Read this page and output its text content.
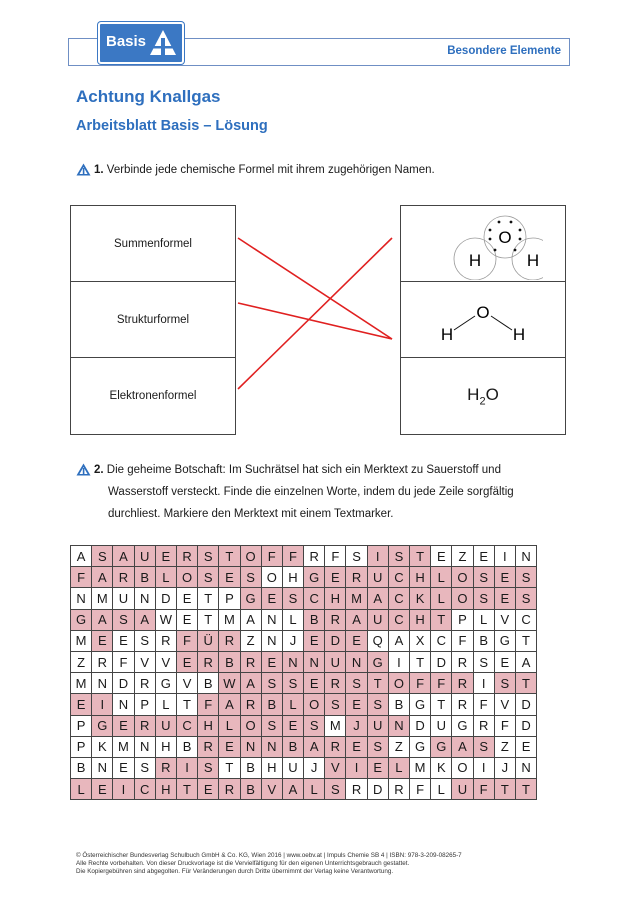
Besondere Elemente
Basis
Achtung Knallgas
Arbeitsblatt Basis – Lösung
1. Verbinde jede chemische Formel mit ihrem zugehörigen Namen.
Summenformel
Strukturformel
Elektronenformel
O
H	H
O
H	H
$H_2O$
2. Die geheime Botschaft: Im Suchrätsel hat sich ein Merktext zu Sauerstoff und
Wasserstoff versteckt. Finde die einzelnen Worte, indem du jede Zeile sorgfältig
durchliest. Markiere den Merktext mit einem Textmarker.
A	S	A	U	E	R	S	T	O	F	F	R	F	S	I	S	T	E	Z	E	I	N
F	A	R	B	L	O	S	E	S	O	H	G	E	R	U	C	H	L	O	S	E	S
N	M	U	N	D	E	T	P	G	E	S	C	H	M	A	C	K	L	O	S	E	S
G	A	S	A	W	E	T	M	A	N	L	B	R	A	U	C	H	T	P	L	V	C
M	E	E	S	R	F	Ü	R	Z	N	J	E	D	E	Q	A	X	C	F	B	G	T
Z	R	F	V	V	E	R	B	R	E	N	N	U	N	G	I	T	D	R	S	E	A
M	N	D	R	G	V	B	W	A	S	S	E	R	S	T	O	F	F	R	I	S	T
E	I	N	P	L	T	F	A	R	B	L	O	S	E	S	B	G	T	R	F	V	D
P	G	E	R	U	C	H	L	O	S	E	S	M	J	U	N	D	U	G	R	F	D
P	K	M	N	H	B	R	E	N	N	B	A	R	E	S	Z	G	G	A	S	Z	E
B	N	E	S	R	I	S	T	B	H	U	J	V	I	E	L	M	K	O	I	J	N
L	E	I	C	H	T	E	R	B	V	A	L	S	R	D	R	F	L	U	F	T	T
© Österreichischer Bundesverlag Schulbuch GmbH & Co. KG, Wien 2016 | www.oebv.at | Impuls Chemie SB 4 | ISBN: 978-3-209-08265-7
Alle Rechte vorbehalten. Von dieser Druckvorlage ist die Vervielfältigung für den eigenen Unterrichtsgebrauch gestattet.
Die Kopiergebühren sind abgegolten. Für Veränderungen durch Dritte übernimmt der Verlag keine Verantwortung.
